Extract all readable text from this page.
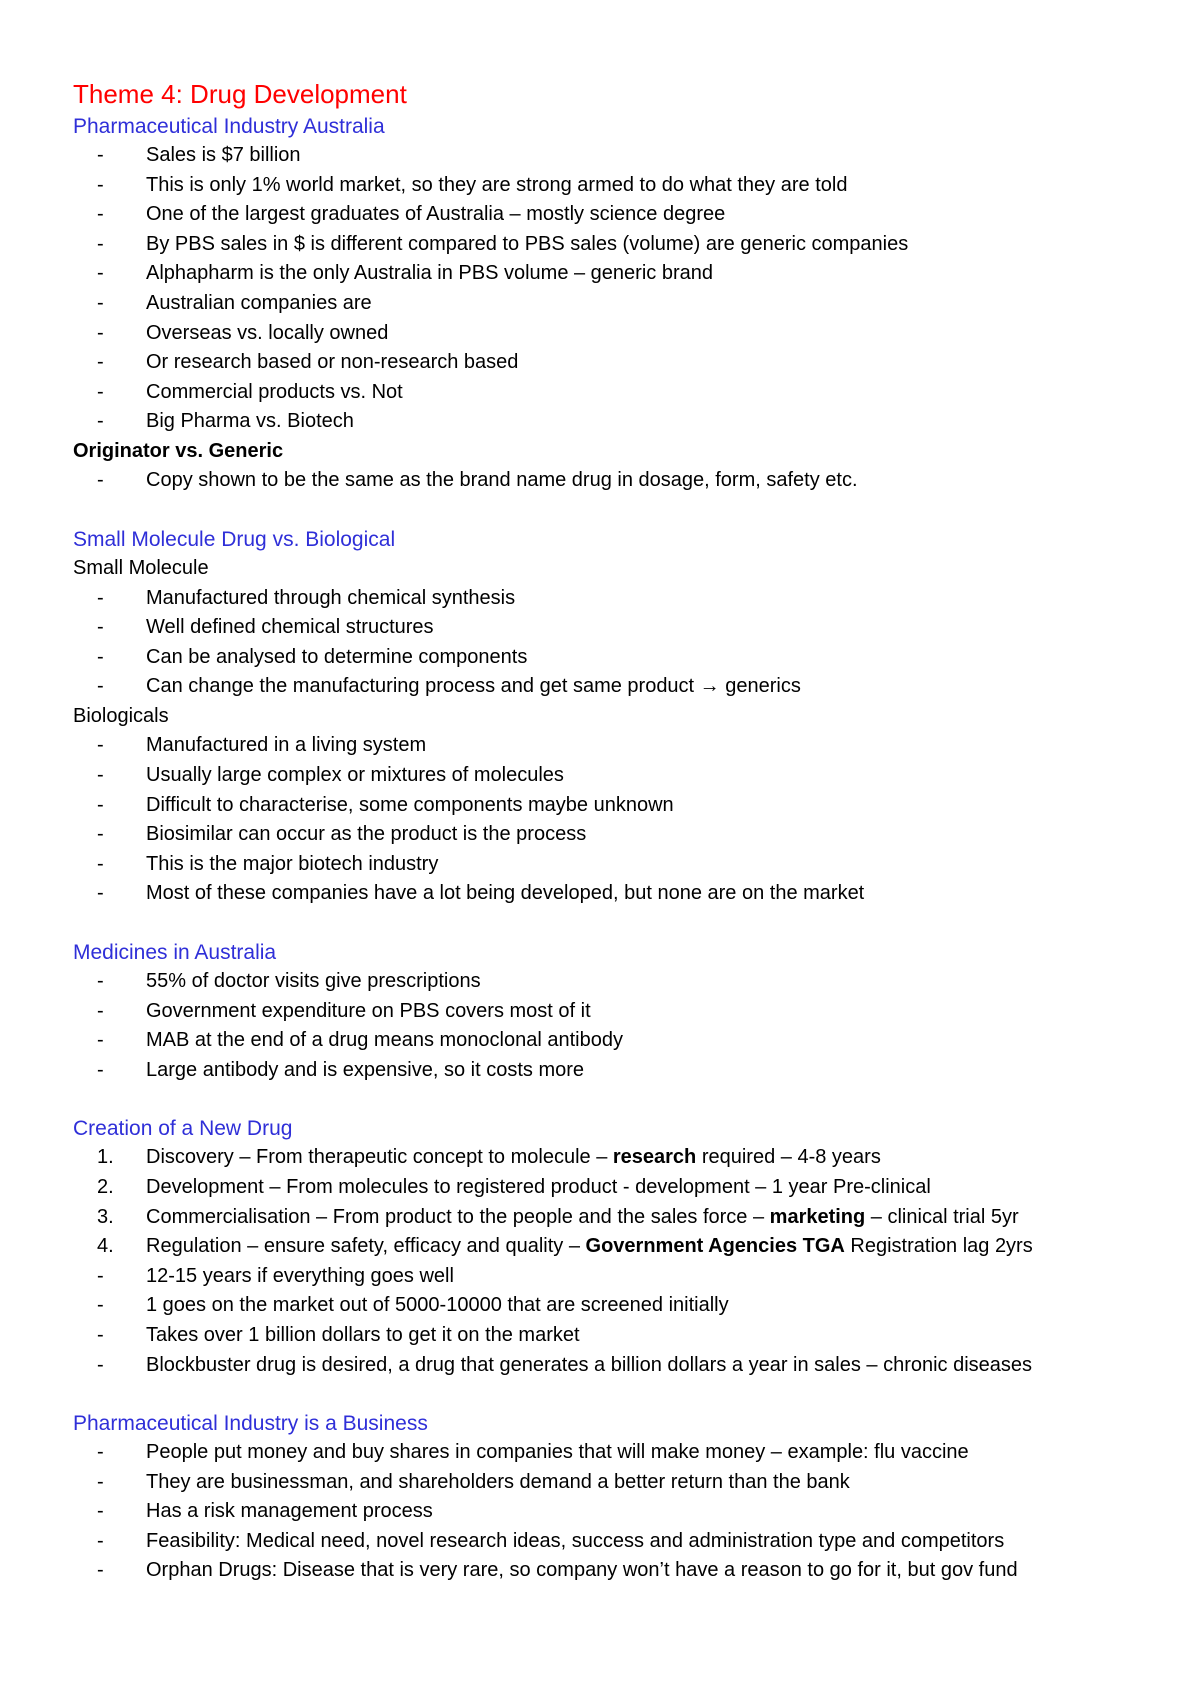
Theme 4: Drug Development
Pharmaceutical Industry Australia
- Sales is $7 billion
- This is only 1% world market, so they are strong armed to do what they are told
- One of the largest graduates of Australia – mostly science degree
- By PBS sales in $ is different compared to PBS sales (volume) are generic companies
- Alphapharm is the only Australia in PBS volume – generic brand
- Australian companies are
- Overseas vs. locally owned
- Or research based or non-research based
- Commercial products vs. Not
- Big Pharma vs. Biotech
Originator vs. Generic
- Copy shown to be the same as the brand name drug in dosage, form, safety etc.
Small Molecule Drug vs. Biological
Small Molecule
- Manufactured through chemical synthesis
- Well defined chemical structures
- Can be analysed to determine components
- Can change the manufacturing process and get same product → generics
Biologicals
- Manufactured in a living system
- Usually large complex or mixtures of molecules
- Difficult to characterise, some components maybe unknown
- Biosimilar can occur as the product is the process
- This is the major biotech industry
- Most of these companies have a lot being developed, but none are on the market
Medicines in Australia
- 55% of doctor visits give prescriptions
- Government expenditure on PBS covers most of it
- MAB at the end of a drug means monoclonal antibody
- Large antibody and is expensive, so it costs more
Creation of a New Drug
1. Discovery – From therapeutic concept to molecule – research required – 4-8 years
2. Development – From molecules to registered product - development – 1 year Pre-clinical
3. Commercialisation – From product to the people and the sales force – marketing – clinical trial 5yr
4. Regulation – ensure safety, efficacy and quality – Government Agencies TGA Registration lag 2yrs
- 12-15 years if everything goes well
- 1 goes on the market out of 5000-10000 that are screened initially
- Takes over 1 billion dollars to get it on the market
- Blockbuster drug is desired, a drug that generates a billion dollars a year in sales – chronic diseases
Pharmaceutical Industry is a Business
- People put money and buy shares in companies that will make money – example: flu vaccine
- They are businessman, and shareholders demand a better return than the bank
- Has a risk management process
- Feasibility: Medical need, novel research ideas, success and administration type and competitors
- Orphan Drugs: Disease that is very rare, so company won’t have a reason to go for it, but gov fund
